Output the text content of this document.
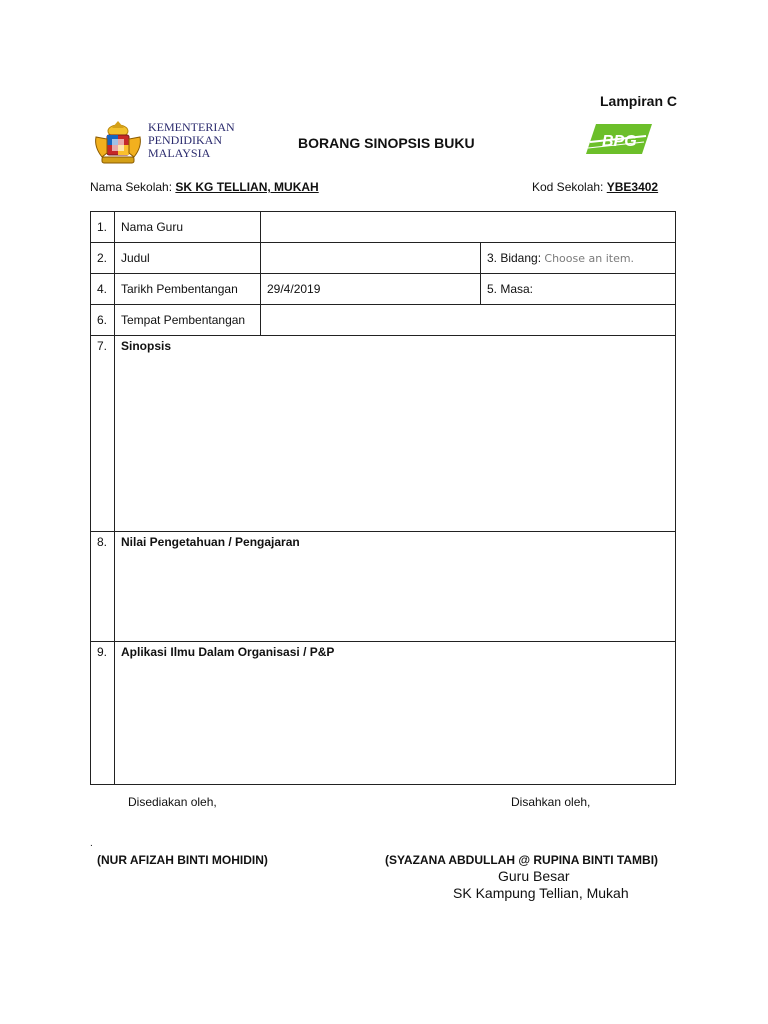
Lampiran C
KEMENTERIAN
PENDIDIKAN
MALAYSIA
BORANG SINOPSIS BUKU	BPG
Nama Sekolah: SK KG TELLIAN, MUKAH	Kod Sekolah: YBE3402
1.	Nama Guru		
2.	Judul		3. Bidang: Choose an item.
4.	Tarikh Pembentangan	29/4/2019	5. Masa:
6.	Tempat Pembentangan		
7.	Sinopsis		
8.	Nilai Pengetahuan / Pengajaran		
9.	Aplikasi Ilmu Dalam Organisasi / P&P		
Disediakan oleh,	Disahkan oleh,
.
(NUR AFIZAH BINTI MOHIDIN)	(SYAZANA ABDULLAH @ RUPINA BINTI TAMBI)
Guru Besar
SK Kampung Tellian, Mukah
